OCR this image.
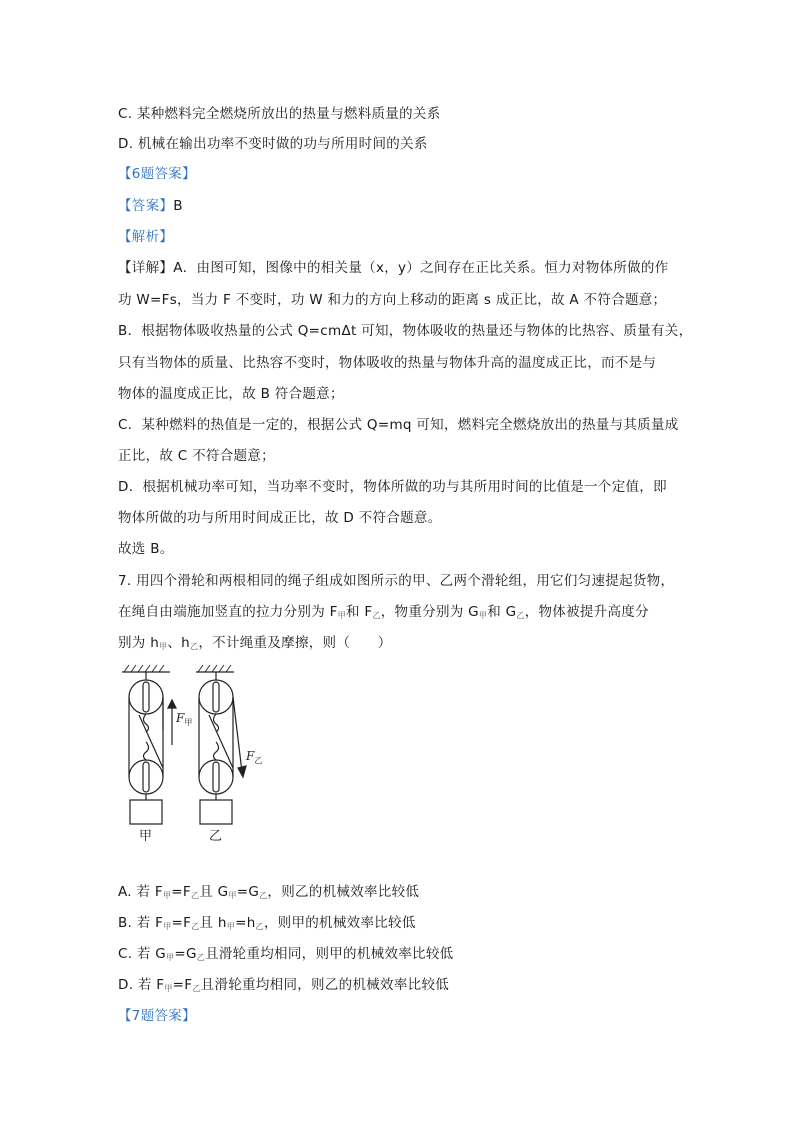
C. 某种燃料完全燃烧所放出的热量与燃料质量的关系
D. 机械在输出功率不变时做的功与所用时间的关系
【6题答案】
【答案】B
【解析】
【详解】A．由图可知，图像中的相关量（x，y）之间存在正比关系。恒力对物体所做的作
功 W=Fs，当力 F 不变时，功 W 和力的方向上移动的距离 s 成正比，故 A 不符合题意；
B．根据物体吸收热量的公式 Q=cmΔt 可知，物体吸收的热量还与物体的比热容、质量有关，
只有当物体的质量、比热容不变时，物体吸收的热量与物体升高的温度成正比，而不是与
物体的温度成正比，故 B 符合题意；
C．某种燃料的热值是一定的，根据公式 Q=mq 可知，燃料完全燃烧放出的热量与其质量成
正比，故 C 不符合题意；
D．根据机械功率可知，当功率不变时，物体所做的功与其所用时间的比值是一个定值，即
物体所做的功与所用时间成正比，故 D 不符合题意。
故选 B。
7. 用四个滑轮和两根相同的绳子组成如图所示的甲、乙两个滑轮组，用它们匀速提起货物，
在绳自由端施加竖直的拉力分别为 $F_甲$和 $F_乙$，物重分别为 $G_甲$和 $G_乙$，物体被提升高度分
别为 $h_甲$、$h_乙$，不计绳重及摩擦，则（　　）
$F_甲$
$F_乙$
甲	乙
A. 若 $F_甲=F_乙$且 $G_甲=G_乙$，则乙的机械效率比较低
B. 若 $F_甲=F_乙$且 $h_甲=h_乙$，则甲的机械效率比较低
C. 若 $G_甲=G_乙$且滑轮重均相同，则甲的机械效率比较低
D. 若 $F_甲=F_乙$且滑轮重均相同，则乙的机械效率比较低
【7题答案】
